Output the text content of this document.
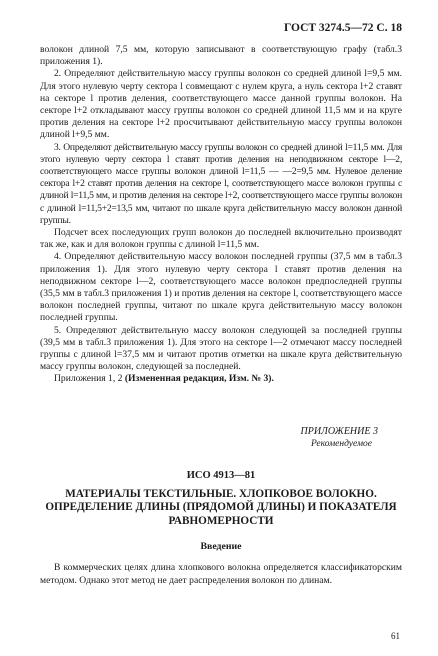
ГОСТ 3274.5—72 С. 18

волокон длиной 7,5 мм, которую записывают в соответствующую графу (табл.3 приложения 1).

2. Определяют действительную массу группы волокон со средней длиной l=9,5 мм. Для этого нулевую черту сектора l совмещают с нулем круга, а нуль сектора l+2 ставят на секторе l против деления, соответствующего массе данной группы волокон. На секторе l+2 откладывают массу группы волокон со средней длиной 11,5 мм и на круге против деления на секторе l+2 просчитывают действительную массу группы волокон длиной l+9,5 мм.

3. Определяют действительную массу группы волокон со средней длиной l=11,5 мм. Для этого нулевую черту сектора l ставят против деления на неподвижном секторе l—2, соответствующего массе группы волокон длиной l=11,5 — —2=9,5 мм. Нулевое деление сектора l+2 ставят против деления на секторе l, соответствующего массе волокон группы с длиной l=11,5 мм, и против деления на секторе l+2, соответствующего массе группы волокон с длиной l=11,5+2=13,5 мм, читают по шкале круга действительную массу волокон данной группы.

Подсчет всех последующих групп волокон до последней включительно производят так же, как и для волокон группы с длиной l=11,5 мм.

4. Определяют действительную массу волокон последней группы (37,5 мм в табл.3 приложения 1). Для этого нулевую черту сектора l ставят против деления на неподвижном секторе l—2, соответствующего массе волокон предпоследней группы (35,5 мм в табл.3 приложения 1) и против деления на секторе l, соответствующего массе волокон последней группы, читают по шкале круга действительную массу волокон последней группы.

5. Определяют действительную массу волокон следующей за последней группы (39,5 мм в табл.3 приложения 1). Для этого на секторе l—2 отмечают массу последней группы с длиной l=37,5 мм и читают против отметки на шкале круга действительную массу группы волокон, следующей за последней.

Приложения 1, 2 (Измененная редакция, Изм. № 3).

ПРИЛОЖЕНИЕ 3
Рекомендуемое
ИСО 4913—81
МАТЕРИАЛЫ ТЕКСТИЛЬНЫЕ. ХЛОПКОВОЕ ВОЛОКНО.
ОПРЕДЕЛЕНИЕ ДЛИНЫ (ПРЯДОМОЙ ДЛИНЫ) И ПОКАЗАТЕЛЯ
РАВНОМЕРНОСТИ
Введение

В коммерческих целях длина хлопкового волокна определяется классификаторским методом. Однако этот метод не дает распределения волокон по длинам.

61
